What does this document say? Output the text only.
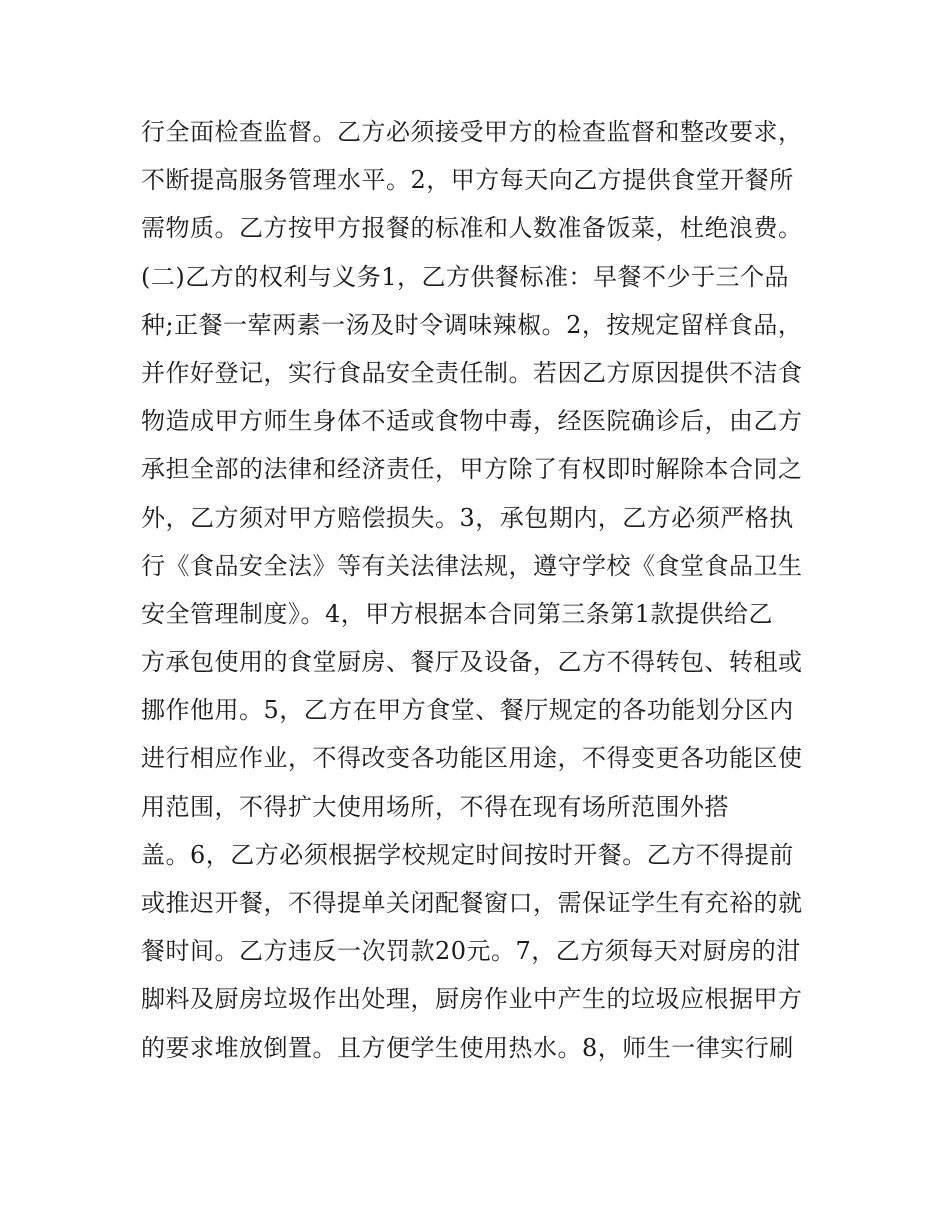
行全面检查监督。乙方必须接受甲方的检查监督和整改要求，
不断提高服务管理水平。2，甲方每天向乙方提供食堂开餐所
需物质。乙方按甲方报餐的标准和人数准备饭菜，杜绝浪费。
(二)乙方的权利与义务1，乙方供餐标准：早餐不少于三个品
种;正餐一荤两素一汤及时令调味辣椒。2，按规定留样食品，
并作好登记，实行食品安全责任制。若因乙方原因提供不洁食
物造成甲方师生身体不适或食物中毒，经医院确诊后，由乙方
承担全部的法律和经济责任，甲方除了有权即时解除本合同之
外，乙方须对甲方赔偿损失。3，承包期内，乙方必须严格执
行《食品安全法》等有关法律法规，遵守学校《食堂食品卫生
安全管理制度》。4，甲方根据本合同第三条第1款提供给乙
方承包使用的食堂厨房、餐厅及设备，乙方不得转包、转租或
挪作他用。5，乙方在甲方食堂、餐厅规定的各功能划分区内
进行相应作业，不得改变各功能区用途，不得变更各功能区使
用范围，不得扩大使用场所，不得在现有场所范围外搭
盖。6，乙方必须根据学校规定时间按时开餐。乙方不得提前
或推迟开餐，不得提单关闭配餐窗口，需保证学生有充裕的就
餐时间。乙方违反一次罚款20元。7，乙方须每天对厨房的泔
脚料及厨房垃圾作出处理，厨房作业中产生的垃圾应根据甲方
的要求堆放倒置。且方便学生使用热水。8，师生一律实行刷
